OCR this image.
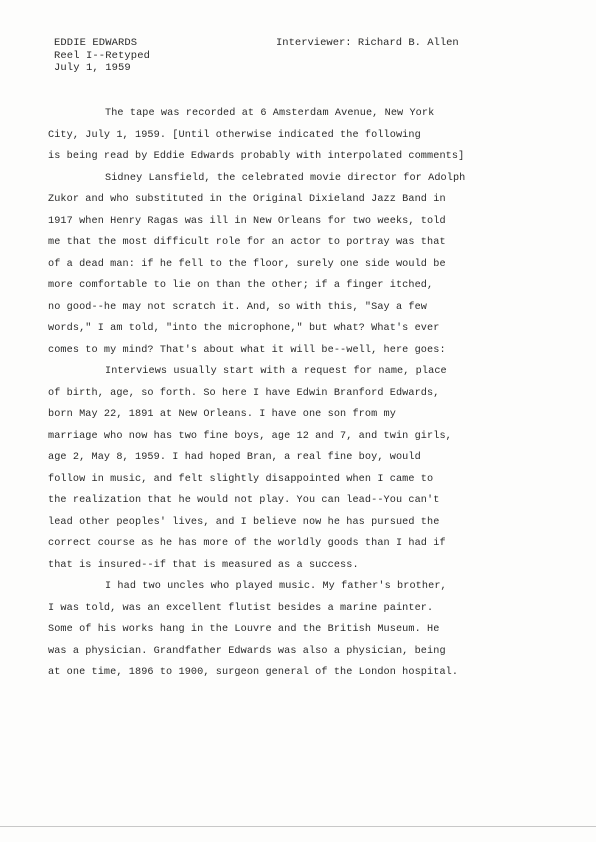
EDDIE EDWARDS
Reel I--Retyped
July 1, 1959
Interviewer: Richard B. Allen
The tape was recorded at 6 Amsterdam Avenue, New York
City, July 1, 1959. [Until otherwise indicated the following
is being read by Eddie Edwards probably with interpolated comments]
Sidney Lansfield, the celebrated movie director for Adolph
Zukor and who substituted in the Original Dixieland Jazz Band in
1917 when Henry Ragas was ill in New Orleans for two weeks, told
me that the most difficult role for an actor to portray was that
of a dead man: if he fell to the floor, surely one side would be
more comfortable to lie on than the other; if a finger itched,
no good--he may not scratch it. And, so with this, "Say a few
words," I am told, "into the microphone," but what? What's ever
comes to my mind? That's about what it will be--well, here goes:
Interviews usually start with a request for name, place
of birth, age, so forth. So here I have Edwin Branford Edwards,
born May 22, 1891 at New Orleans. I have one son from my
marriage who now has two fine boys, age 12 and 7, and twin girls,
age 2, May 8, 1959. I had hoped Bran, a real fine boy, would
follow in music, and felt slightly disappointed when I came to
the realization that he would not play. You can lead--You can't
lead other peoples' lives, and I believe now he has pursued the
correct course as he has more of the worldly goods than I had if
that is insured--if that is measured as a success.
I had two uncles who played music. My father's brother,
I was told, was an excellent flutist besides a marine painter.
Some of his works hang in the Louvre and the British Museum. He
was a physician. Grandfather Edwards was also a physician, being
at one time, 1896 to 1900, surgeon general of the London hospital.
